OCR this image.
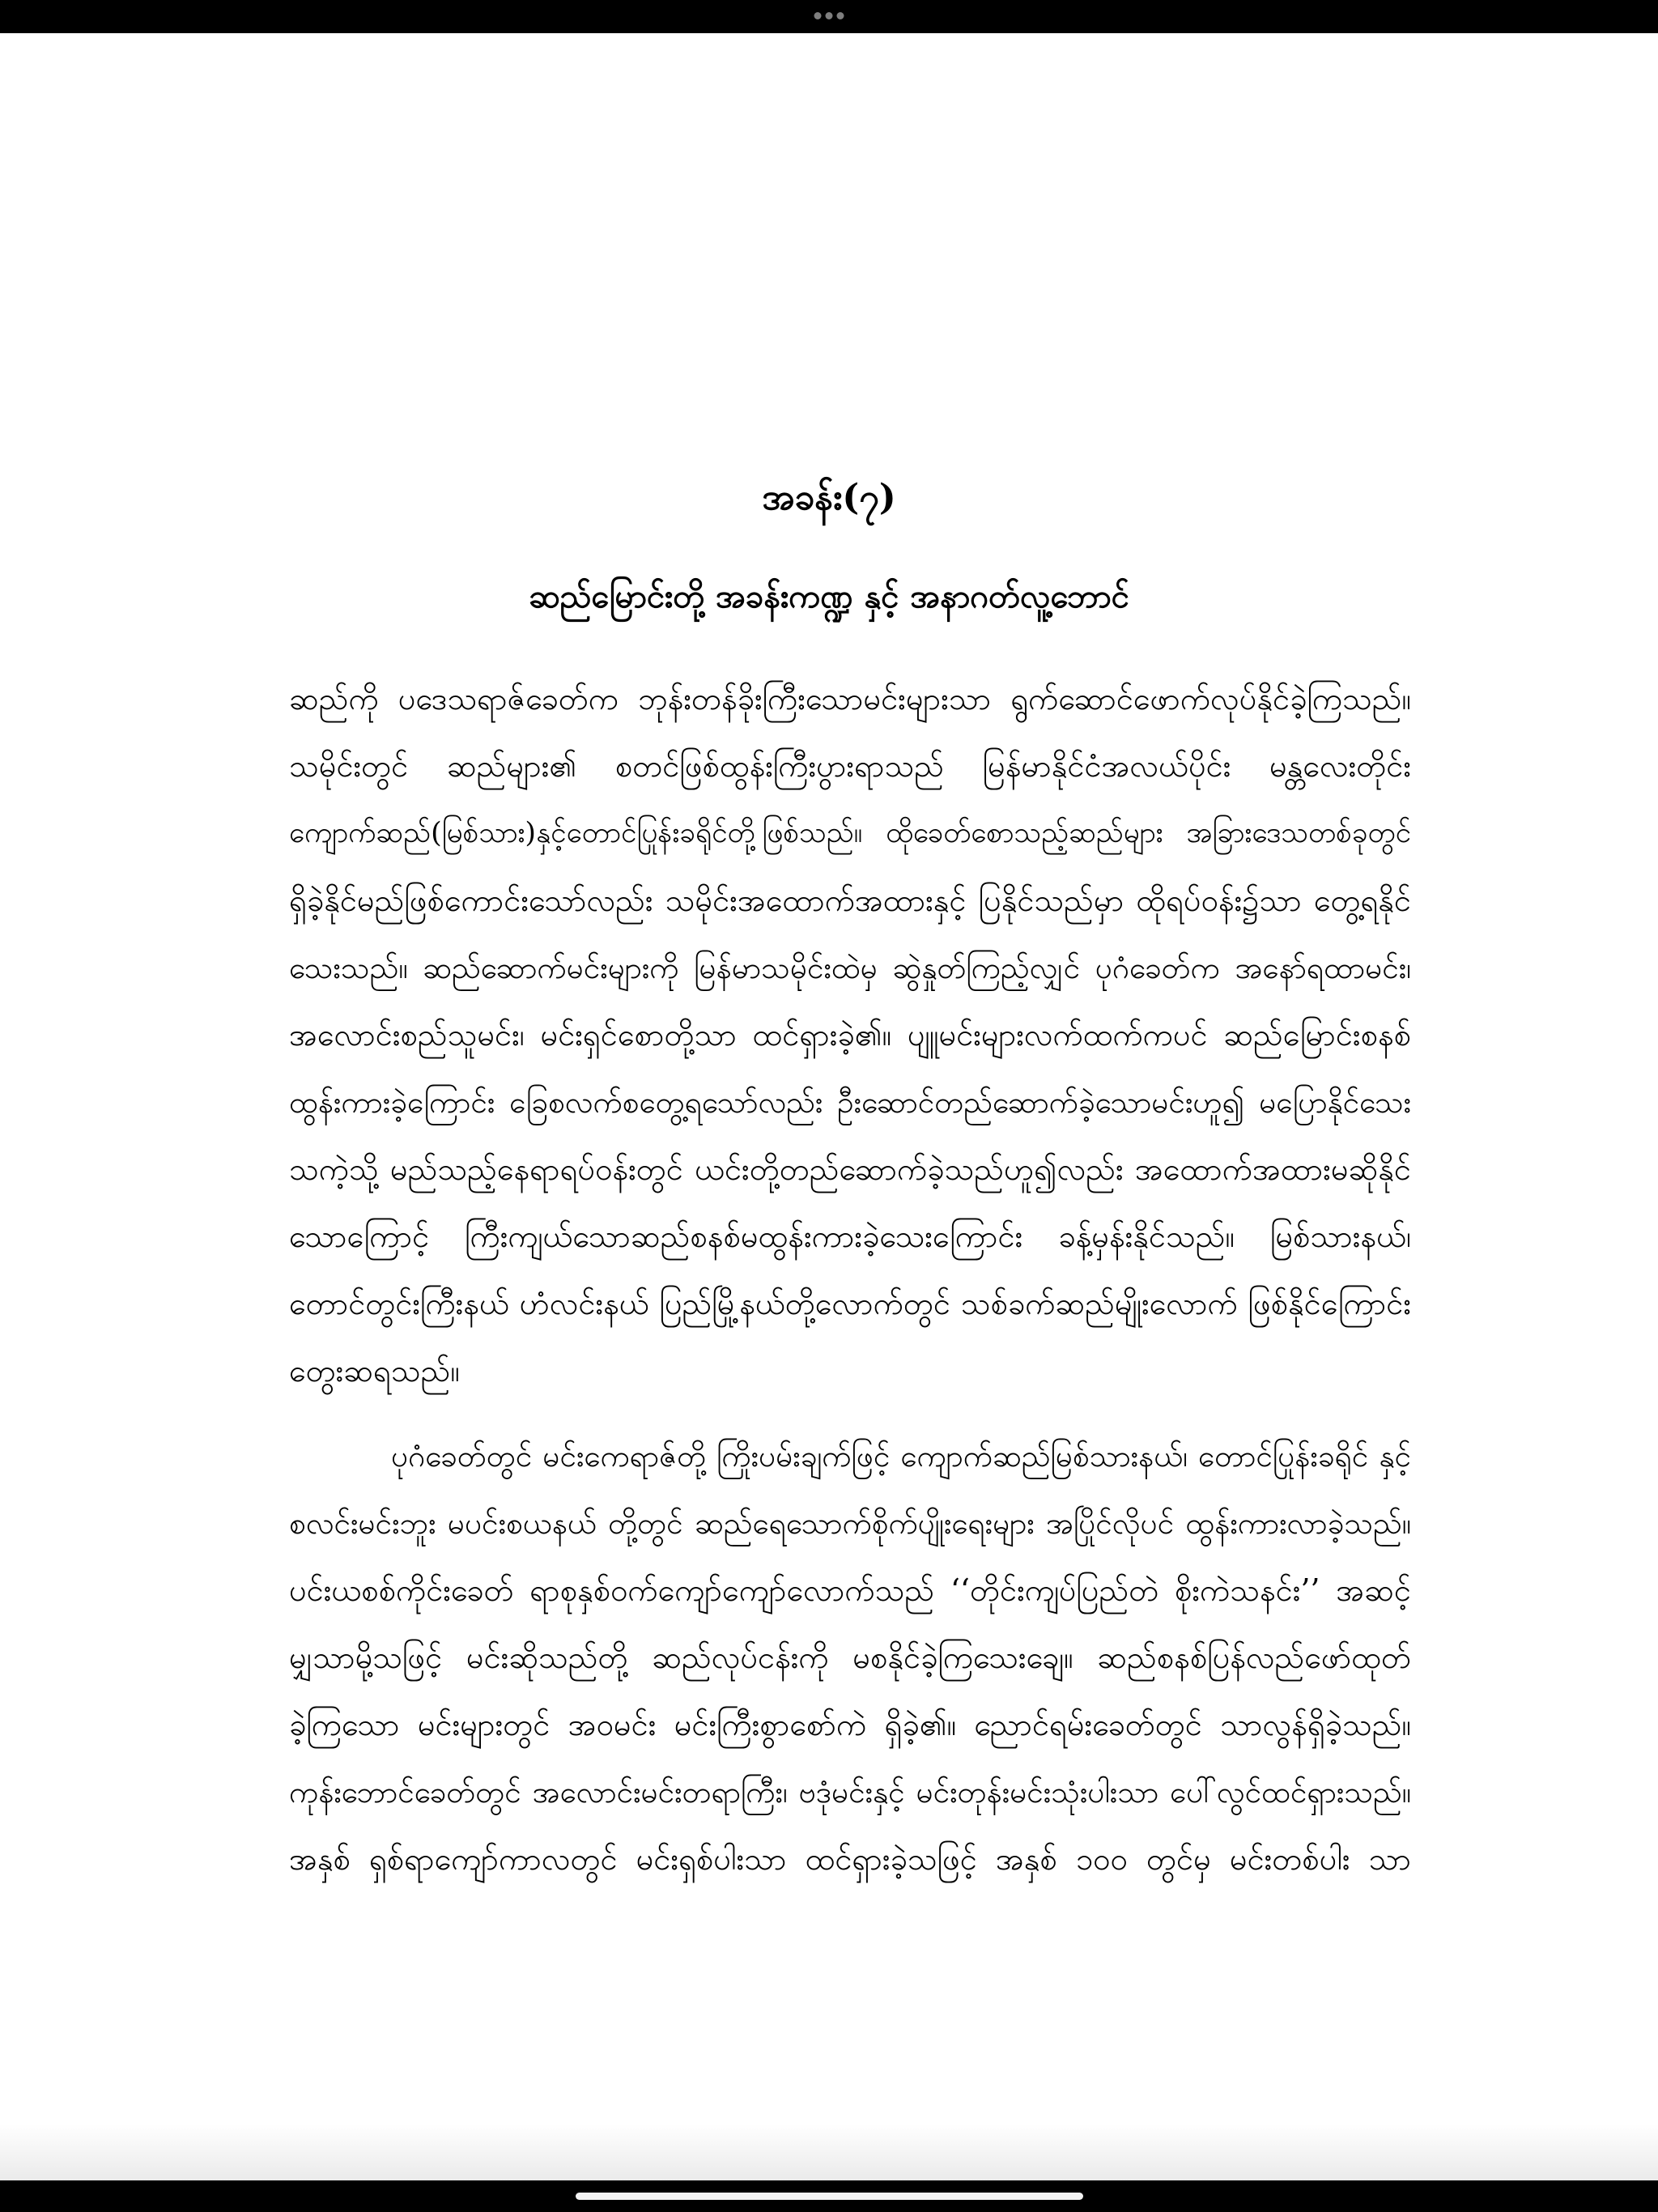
အခန်း(၇)
ဆည်မြောင်းတို့ အခန်းကဏ္ဍ နှင့် အနာဂတ်လူ့ဘောင်
ဆည်ကို ပဒေသရာဇ်ခေတ်က ဘုန်းတန်ခိုးကြီးသောမင်းများသာ ရွက်ဆောင်ဖောက်လုပ်နိုင်ခဲ့ကြသည်။
သမိုင်းတွင် ဆည်များ၏ စတင်ဖြစ်ထွန်းကြီးပွားရာသည် မြန်မာနိုင်ငံအလယ်ပိုင်း မန္တလေးတိုင်း
ကျောက်ဆည်(မြစ်သား)နှင့်တောင်ပြုန်းခရိုင်တို့ဖြစ်သည်။ ထိုခေတ်စောသည့်ဆည်များ အခြားဒေသတစ်ခုတွင်
ရှိခဲ့နိုင်မည်ဖြစ်ကောင်းသော်လည်း သမိုင်းအထောက်အထားနှင့် ပြနိုင်သည်မှာ ထိုရပ်ဝန်း၌သာ တွေ့ရနိုင်
သေးသည်။ ဆည်ဆောက်မင်းများကို မြန်မာသမိုင်းထဲမှ ဆွဲနှုတ်ကြည့်လျှင် ပုဂံခေတ်က အနော်ရထာမင်း၊
အလောင်းစည်သူမင်း၊ မင်းရှင်စောတို့သာ ထင်ရှားခဲ့၏။ ပျူမင်းများလက်ထက်ကပင် ဆည်မြောင်းစနစ်
ထွန်းကားခဲ့ကြောင်း ခြေစလက်စတွေ့ရသော်လည်း ဦးဆောင်တည်ဆောက်ခဲ့သောမင်းဟူ၍ မပြောနိုင်သေး
သကဲ့သို့ မည်သည့်နေရာရပ်ဝန်းတွင် ယင်းတို့တည်ဆောက်ခဲ့သည်ဟူ၍လည်း အထောက်အထားမဆိုနိုင်
သောကြောင့် ကြီးကျယ်သောဆည်စနစ်မထွန်းကားခဲ့သေးကြောင်း ခန့်မှန်းနိုင်သည်။ မြစ်သားနယ်၊
တောင်တွင်းကြီးနယ် ဟံလင်းနယ် ပြည်မြို့နယ်တို့လောက်တွင် သစ်ခက်ဆည်မျိုးလောက် ဖြစ်နိုင်ကြောင်း
တွေးဆရသည်။
ပုဂံခေတ်တွင် မင်းကေရာဇ်တို့ ကြိုးပမ်းချက်ဖြင့် ကျောက်ဆည်မြစ်သားနယ်၊ တောင်ပြုန်းခရိုင် နှင့်
စလင်းမင်းဘူး မပင်းစယနယ် တို့တွင် ဆည်ရေသောက်စိုက်ပျိုးရေးများ အပြိုင်လိုပင် ထွန်းကားလာခဲ့သည်။
ပင်းယစစ်ကိုင်းခေတ် ရာစုနှစ်ဝက်ကျော်ကျော်လောက်သည် ‘‘တိုင်းကျပ်ပြည်တဲ စိုးကဲသနင်း’’ အဆင့်
မျှသာမို့သဖြင့် မင်းဆိုသည်တို့ ဆည်လုပ်ငန်းကို မစနိုင်ခဲ့ကြသေးချေ။ ဆည်စနစ်ပြန်လည်ဖော်ထုတ်
ခဲ့ကြသော မင်းများတွင် အဝမင်း မင်းကြီးစွာစော်ကဲ ရှိခဲ့၏။ ညောင်ရမ်းခေတ်တွင် သာလွန်ရှိခဲ့သည်။
ကုန်းဘောင်ခေတ်တွင် အလောင်းမင်းတရာကြီး၊ ဗဒုံမင်းနှင့် မင်းတုန်းမင်းသုံးပါးသာ ပေါ်လွင်ထင်ရှားသည်။
အနှစ် ရှစ်ရာကျော်ကာလတွင် မင်းရှစ်ပါးသာ ထင်ရှားခဲ့သဖြင့် အနှစ် ၁၀၀ တွင်မှ မင်းတစ်ပါး သာ
